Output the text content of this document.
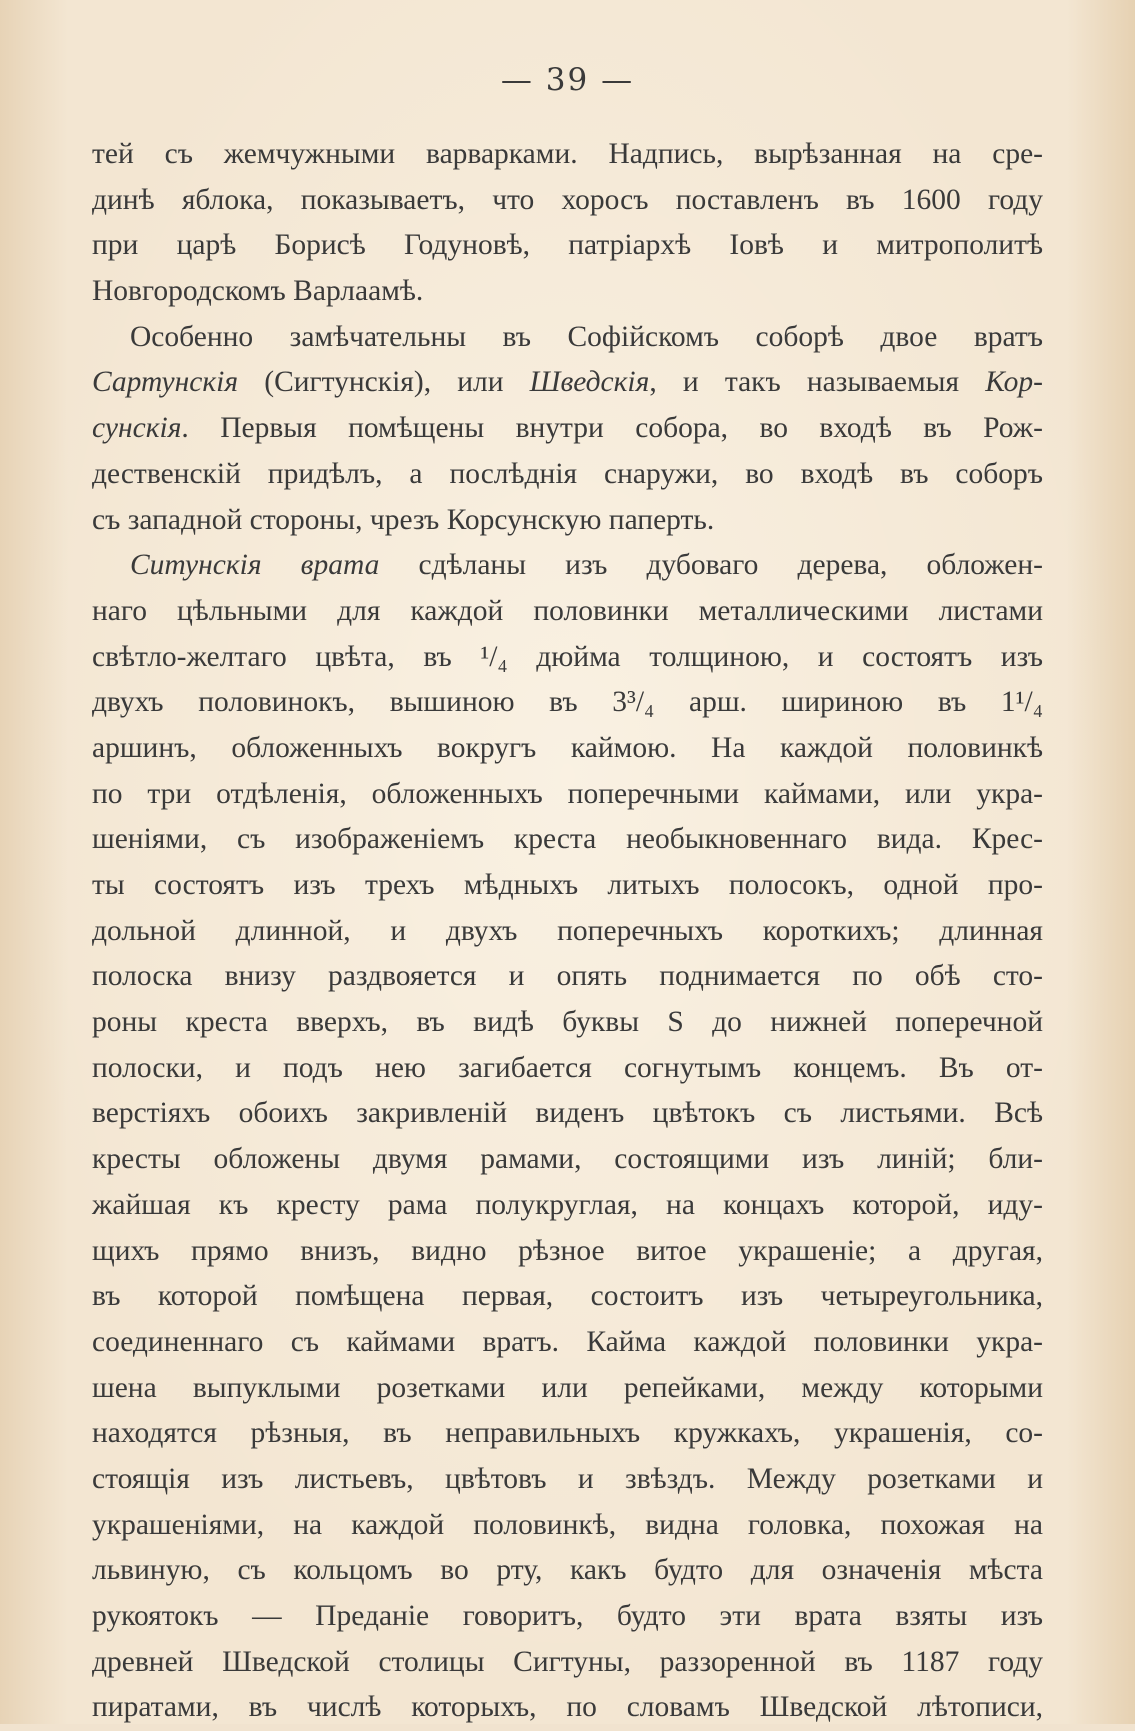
— 39 —
тей съ жемчужными варварками. Надпись, вырѣзанная на сре-
динѣ яблока, показываетъ, что хоросъ поставленъ въ 1600 году
при царѣ Борисѣ Годуновѣ, патріархѣ Іовѣ и митрополитѣ
Новгородскомъ Варлаамѣ.
Особенно замѣчательны въ Софійскомъ соборѣ двое вратъ
Сартунскія (Сигтунскія), или Шведскія, и такъ называемыя Кор-
сунскія. Первыя помѣщены внутри собора, во входѣ въ Рож-
дественскій придѣлъ, а послѣднія снаружи, во входѣ въ соборъ
съ западной стороны, чрезъ Корсунскую паперть.
Ситунскія врата сдѣланы изъ дубоваго дерева, обложен-
наго цѣльными для каждой половинки металлическими листами
свѣтло-желтаго цвѣта, въ ¹/₄ дюйма толщиною, и состоятъ изъ
двухъ половинокъ, вышиною въ 3³/₄ арш. шириною въ 1¹/₄
аршинъ, обложенныхъ вокругъ каймою. На каждой половинкѣ
по три отдѣленія, обложенныхъ поперечными каймами, или укра-
шеніями, съ изображеніемъ креста необыкновеннаго вида. Крес-
ты состоятъ изъ трехъ мѣдныхъ литыхъ полосокъ, одной про-
дольной длинной, и двухъ поперечныхъ короткихъ; длинная
полоска внизу раздвояется и опять поднимается по обѣ сто-
роны креста вверхъ, въ видѣ буквы S до нижней поперечной
полоски, и подъ нею загибается согнутымъ концемъ. Въ от-
верстіяхъ обоихъ закривленій виденъ цвѣтокъ съ листьями. Всѣ
кресты обложены двумя рамами, состоящими изъ линій; бли-
жайшая къ кресту рама полукруглая, на концахъ которой, иду-
щихъ прямо внизъ, видно рѣзное витое украшеніе; а другая,
въ которой помѣщена первая, состоитъ изъ четыреугольника,
соединеннаго съ каймами вратъ. Кайма каждой половинки укра-
шена выпуклыми розетками или репейками, между которыми
находятся рѣзныя, въ неправильныхъ кружкахъ, украшенія, со-
стоящія изъ листьевъ, цвѣтовъ и звѣздъ. Между розетками и
украшеніями, на каждой половинкѣ, видна головка, похожая на
львиную, съ кольцомъ во рту, какъ будто для означенія мѣста
рукоятокъ — Преданіе говоритъ, будто эти врата взяты изъ
древней Шведской столицы Сигтуны, раззоренной въ 1187 году
пиратами, въ числѣ которыхъ, по словамъ Шведской лѣтописи,
